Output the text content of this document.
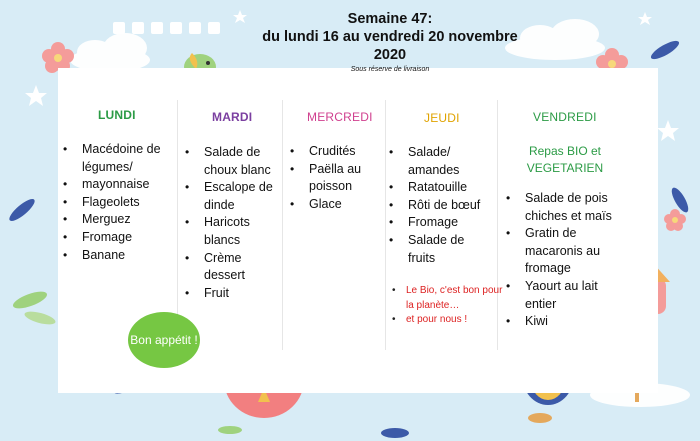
Semaine 47:
du lundi 16 au vendredi 20 novembre
2020
Sous réserve de livraison
LUNDI
• Macédoine de légumes/
• mayonnaise
• Flageolets
• Merguez
• Fromage
• Banane
MARDI
• Salade de choux blanc
• Escalope de dinde
• Haricots blancs
• Crème dessert
• Fruit
MERCREDI
• Crudités
• Paëlla au poisson
• Glace
JEUDI
• Salade/ amandes
• Ratatouille
• Rôti de bœuf
• Fromage
• Salade de fruits
VENDREDI
Repas BIO et VEGETARIEN
• Salade de pois chiches et maïs
• Gratin de macaronis au fromage
• Yaourt au lait entier
• Kiwi
Bon appétit !
• Le Bio, c'est bon pour la planète…
• et pour nous !
